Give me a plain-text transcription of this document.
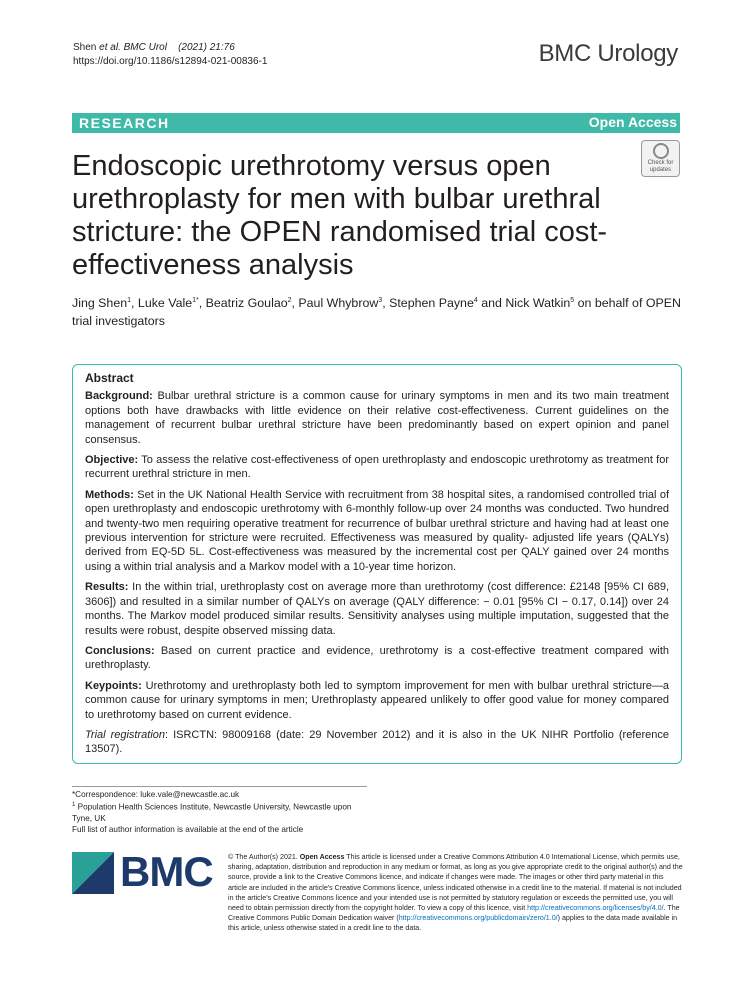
Shen et al. BMC Urol (2021) 21:76
https://doi.org/10.1186/s12894-021-00836-1	BMC Urology
RESEARCH	Open Access
Endoscopic urethrotomy versus open urethroplasty for men with bulbar urethral stricture: the OPEN randomised trial cost-effectiveness analysis
Check for
updates
Jing Shen$^1$, Luke Vale$^{1*}$, Beatriz Goulao$^2$, Paul Whybrow$^3$, Stephen Payne$^4$ and Nick Watkin$^5$ on behalf of OPEN trial investigators
Abstract

Background: Bulbar urethral stricture is a common cause for urinary symptoms in men and its two main treatment options both have drawbacks with little evidence on their relative cost-effectiveness. Current guidelines on the management of recurrent bulbar urethral stricture have been predominantly based on expert opinion and panel consensus.

Objective: To assess the relative cost-effectiveness of open urethroplasty and endoscopic urethrotomy as treatment for recurrent urethral stricture in men.

Methods: Set in the UK National Health Service with recruitment from 38 hospital sites, a randomised controlled trial of open urethroplasty and endoscopic urethrotomy with 6-monthly follow-up over 24 months was conducted. Two hundred and twenty-two men requiring operative treatment for recurrence of bulbar urethral stricture and having had at least one previous intervention for stricture were recruited. Effectiveness was measured by quality- adjusted life years (QALYs) derived from EQ-5D 5L. Cost-effectiveness was measured by the incremental cost per QALY gained over 24 months using a within trial analysis and a Markov model with a 10-year time horizon.

Results: In the within trial, urethroplasty cost on average more than urethrotomy (cost difference: £2148 [95% CI 689, 3606]) and resulted in a similar number of QALYs on average (QALY difference: − 0.01 [95% CI − 0.17, 0.14]) over 24 months. The Markov model produced similar results. Sensitivity analyses using multiple imputation, suggested that the results were robust, despite observed missing data.

Conclusions: Based on current practice and evidence, urethrotomy is a cost-effective treatment compared with urethroplasty.

Keypoints: Urethrotomy and urethroplasty both led to symptom improvement for men with bulbar urethral stricture—a common cause for urinary symptoms in men; Urethroplasty appeared unlikely to offer good value for money compared to urethrotomy based on current evidence.

Trial registration: ISRCTN: 98009168 (date: 29 November 2012) and it is also in the UK NIHR Portfolio (reference 13507).

*Correspondence: luke.vale@newcastle.ac.uk
$^1$ Population Health Sciences Institute, Newcastle University, Newcastle upon Tyne, UK
Full list of author information is available at the end of the article
BMC © The Author(s) 2021. Open Access This article is licensed under a Creative Commons Attribution 4.0 International License, which permits use, sharing, adaptation, distribution and reproduction in any medium or format, as long as you give appropriate credit to the original author(s) and the source, provide a link to the Creative Commons licence, and indicate if changes were made. The images or other third party material in this article are included in the article's Creative Commons licence, unless indicated otherwise in a credit line to the material. If material is not included in the article's Creative Commons licence and your intended use is not permitted by statutory regulation or exceeds the permitted use, you will need to obtain permission directly from the copyright holder. To view a copy of this licence, visit http://creativecommons.org/licenses/by/4.0/. The Creative Commons Public Domain Dedication waiver (http://creativecommons.org/publicdomain/zero/1.0/) applies to the data made available in this article, unless otherwise stated in a credit line to the data.
